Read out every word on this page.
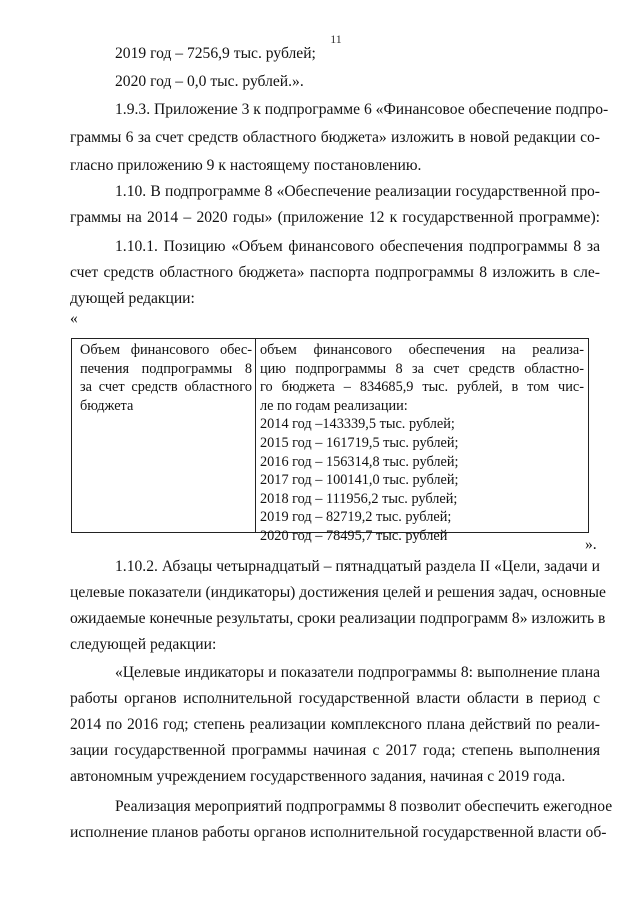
11
2019 год – 7256,9 тыс. рублей;
2020 год – 0,0 тыс. рублей.».
1.9.3. Приложение 3 к подпрограмме 6 «Финансовое обеспечение подпро-
граммы 6 за счет средств областного бюджета» изложить в новой редакции со-
гласно приложению 9 к настоящему постановлению.
1.10. В подпрограмме 8 «Обеспечение реализации государственной про-
граммы на 2014 – 2020 годы» (приложение 12 к государственной программе):
1.10.1. Позицию «Объем финансового обеспечения подпрограммы 8 за
счет средств областного бюджета» паспорта подпрограммы 8 изложить в сле-
дующей редакции:
«
Объем финансового обес-
печения подпрограммы 8
за счет средств областного
бюджета
объем финансового обеспечения на реализа-
цию подпрограммы 8 за счет средств областно-
го бюджета – 834685,9 тыс. рублей, в том чис-
ле по годам реализации:
2014 год –143339,5 тыс. рублей;
2015 год – 161719,5 тыс. рублей;
2016 год – 156314,8 тыс. рублей;
2017 год – 100141,0 тыс. рублей;
2018 год – 111956,2 тыс. рублей;
2019 год – 82719,2 тыс. рублей;
2020 год – 78495,7 тыс. рублей
».
1.10.2. Абзацы четырнадцатый – пятнадцатый раздела II «Цели, задачи и
целевые показатели (индикаторы) достижения целей и решения задач, основные
ожидаемые конечные результаты, сроки реализации подпрограмм 8» изложить в
следующей редакции:
«Целевые индикаторы и показатели подпрограммы 8: выполнение плана
работы органов исполнительной государственной власти области в период с
2014 по 2016 год; степень реализации комплексного плана действий по реали-
зации государственной программы начиная с 2017 года; степень выполнения
автономным учреждением государственного задания, начиная с 2019 года.
Реализация мероприятий подпрограммы 8 позволит обеспечить ежегодное
исполнение планов работы органов исполнительной государственной власти об-
